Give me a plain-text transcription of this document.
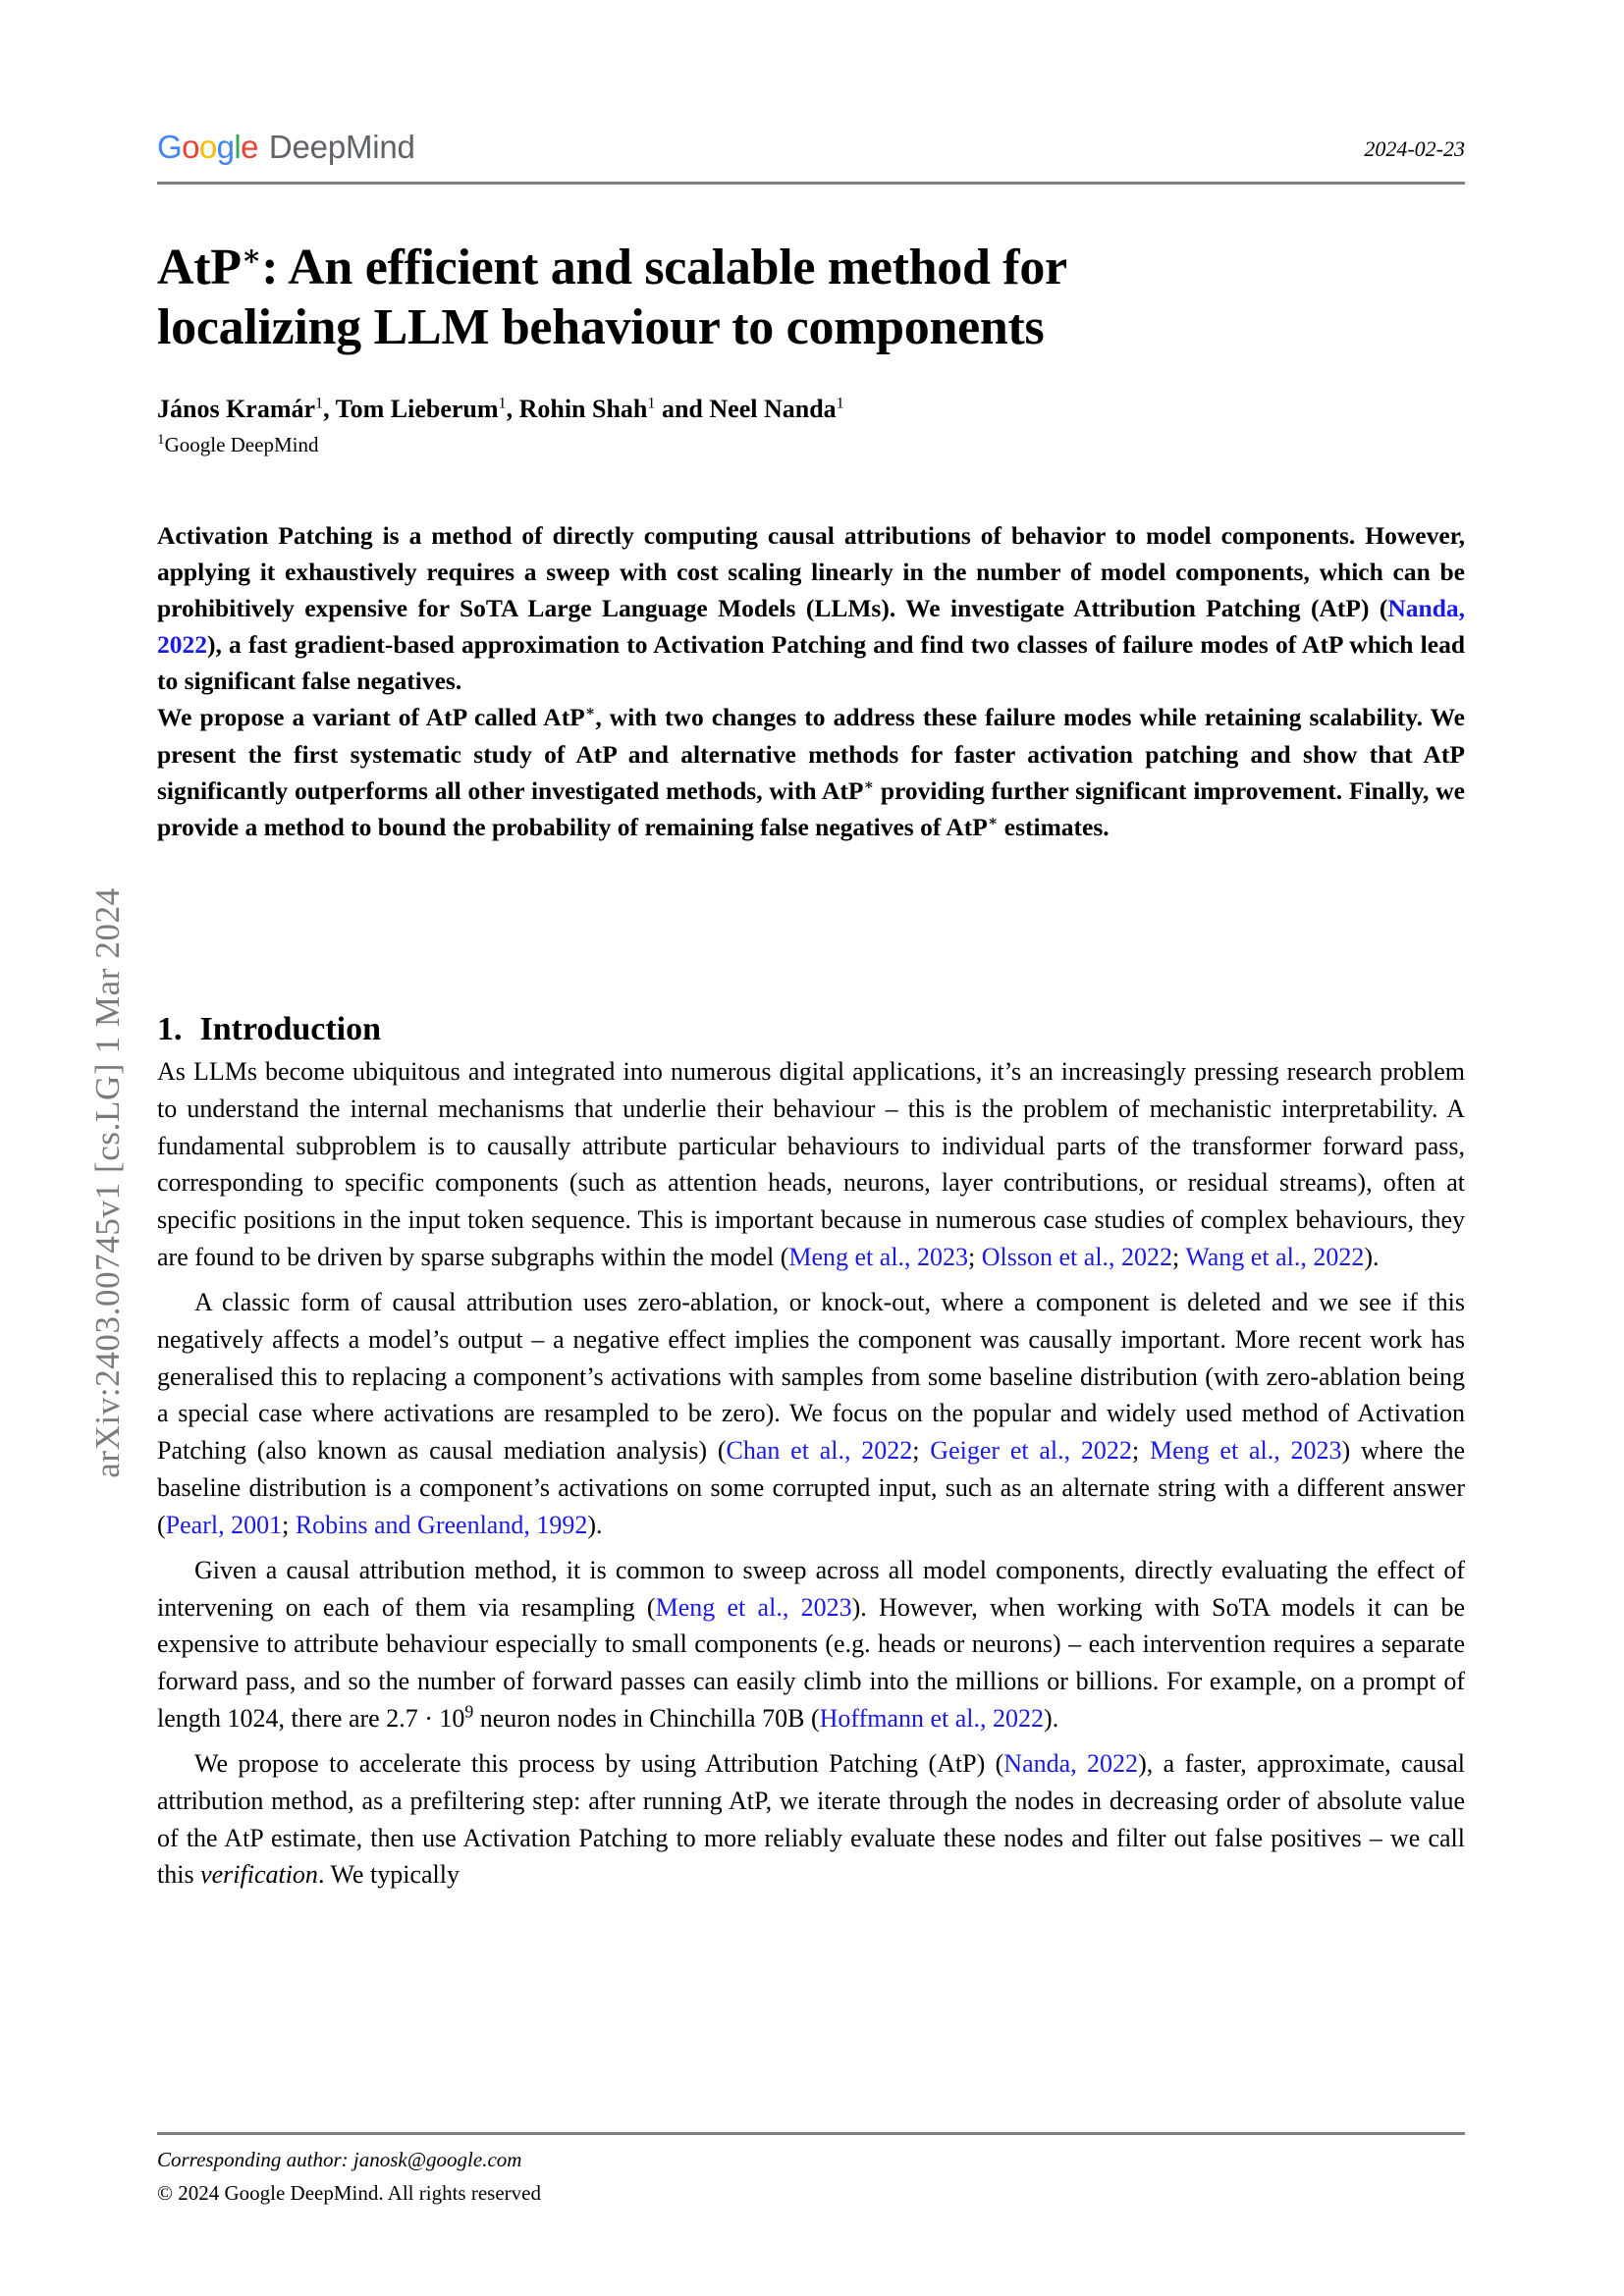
arXiv:2403.00745v1 [cs.LG] 1 Mar 2024
Google DeepMind	2024-02-23
AtP∗: An efficient and scalable method for
localizing LLM behaviour to components
János Kramár$^1$, Tom Lieberum$^1$, Rohin Shah$^1$ and Neel Nanda$^1$
$^1$Google DeepMind

Activation Patching is a method of directly computing causal attributions of behavior to model components. However, applying it exhaustively requires a sweep with cost scaling linearly in the number of model components, which can be prohibitively expensive for SoTA Large Language Models (LLMs). We investigate Attribution Patching (AtP) (Nanda, 2022), a fast gradient-based approximation to Activation Patching and find two classes of failure modes of AtP which lead to significant false negatives.

We propose a variant of AtP called AtP∗, with two changes to address these failure modes while retaining scalability. We present the first systematic study of AtP and alternative methods for faster activation patching and show that AtP significantly outperforms all other investigated methods, with AtP∗ providing further significant improvement. Finally, we provide a method to bound the probability of remaining false negatives of AtP∗ estimates.

1. Introduction

As LLMs become ubiquitous and integrated into numerous digital applications, it’s an increasingly pressing research problem to understand the internal mechanisms that underlie their behaviour – this is the problem of mechanistic interpretability. A fundamental subproblem is to causally attribute particular behaviours to individual parts of the transformer forward pass, corresponding to specific components (such as attention heads, neurons, layer contributions, or residual streams), often at specific positions in the input token sequence. This is important because in numerous case studies of complex behaviours, they are found to be driven by sparse subgraphs within the model (Meng et al., 2023; Olsson et al., 2022; Wang et al., 2022).

A classic form of causal attribution uses zero-ablation, or knock-out, where a component is deleted and we see if this negatively affects a model’s output – a negative effect implies the component was causally important. More recent work has generalised this to replacing a component’s activations with samples from some baseline distribution (with zero-ablation being a special case where activations are resampled to be zero). We focus on the popular and widely used method of Activation Patching (also known as causal mediation analysis) (Chan et al., 2022; Geiger et al., 2022; Meng et al., 2023) where the baseline distribution is a component’s activations on some corrupted input, such as an alternate string with a different answer (Pearl, 2001; Robins and Greenland, 1992).

Given a causal attribution method, it is common to sweep across all model components, directly evaluating the effect of intervening on each of them via resampling (Meng et al., 2023). However, when working with SoTA models it can be expensive to attribute behaviour especially to small components (e.g. heads or neurons) – each intervention requires a separate forward pass, and so the number of forward passes can easily climb into the millions or billions. For example, on a prompt of length 1024, there are $2.7 \cdot 10^9$ neuron nodes in Chinchilla 70B (Hoffmann et al., 2022).

We propose to accelerate this process by using Attribution Patching (AtP) (Nanda, 2022), a faster, approximate, causal attribution method, as a prefiltering step: after running AtP, we iterate through the nodes in decreasing order of absolute value of the AtP estimate, then use Activation Patching to more reliably evaluate these nodes and filter out false positives – we call this verification. We typically

Corresponding author: janosk@google.com
© 2024 Google DeepMind. All rights reserved
